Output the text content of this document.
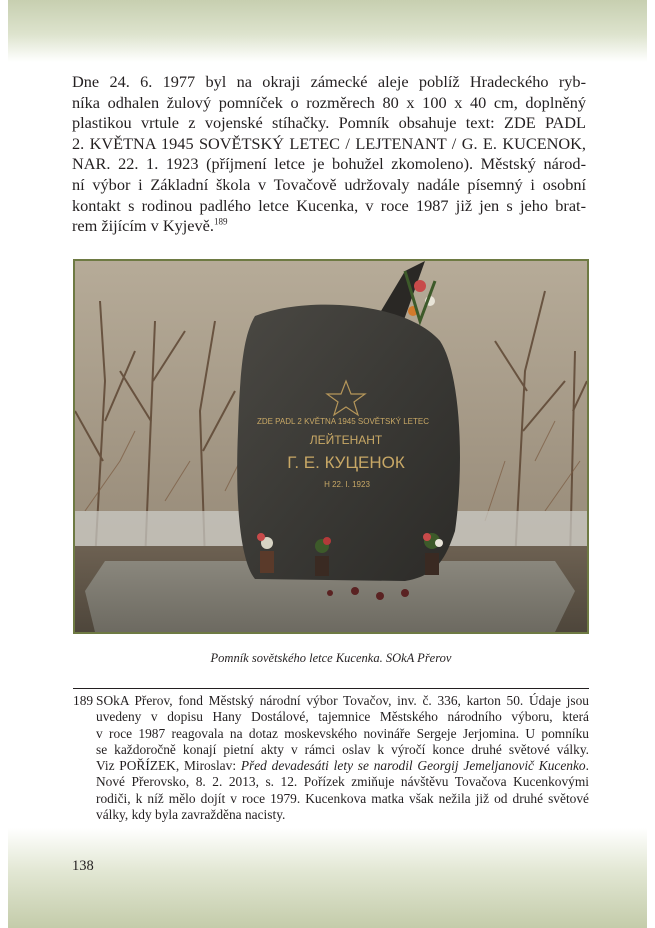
Dne 24. 6. 1977 byl na okraji zámecké aleje poblíž Hradeckého ryb-
níka odhalen žulový pomníček o rozměrech 80 x 100 x 40 cm, doplněný
plastikou vrtule z vojenské stíhačky. Pomník obsahuje text: ZDE PADL
2. KVĚTNA 1945 SOVĚTSKÝ LETEC / LEJTENANT / G. E. KUCENOK,
NAR. 22. 1. 1923 (příjmení letce je bohužel zkomoleno). Městský národ-
ní výbor i Základní škola v Tovačově udržovaly nadále písemný i osobní
kontakt s rodinou padlého letce Kucenka, v roce 1987 již jen s jeho brat-
rem žijícím v Kyjevě.$^{189}$
ZDE PADL 2 KVĚTNA 1945 SOVĚTSKÝ LETEC
ЛЕЙТЕНАНТ
Г. Е. КУЦЕНОК
Н 22. I. 1923
Pomník sovětského letce Kucenka. SOkA Přerov
189 SOkA Přerov, fond Městský národní výbor Tovačov, inv. č. 336, karton 50. Údaje jsou
uvedeny v dopisu Hany Dostálové, tajemnice Městského národního výboru, která
v roce 1987 reagovala na dotaz moskevského novináře Sergeje Jerjomina. U pomníku
se každoročně konají pietní akty v rámci oslav k výročí konce druhé světové války.
Viz PO​ŘÍZEK, Miroslav: Před devadesáti lety se narodil Georgij Jemeljanovič Kucenko.
Nové Přerovsko, 8. 2. 2013, s. 12. Pořízek zmiňuje návštěvu Tovačova Kucenkovými
rodiči, k níž mělo dojít v roce 1979. Kucenkova matka však nežila již od druhé světové
války, kdy byla zavražděna nacisty.
138
